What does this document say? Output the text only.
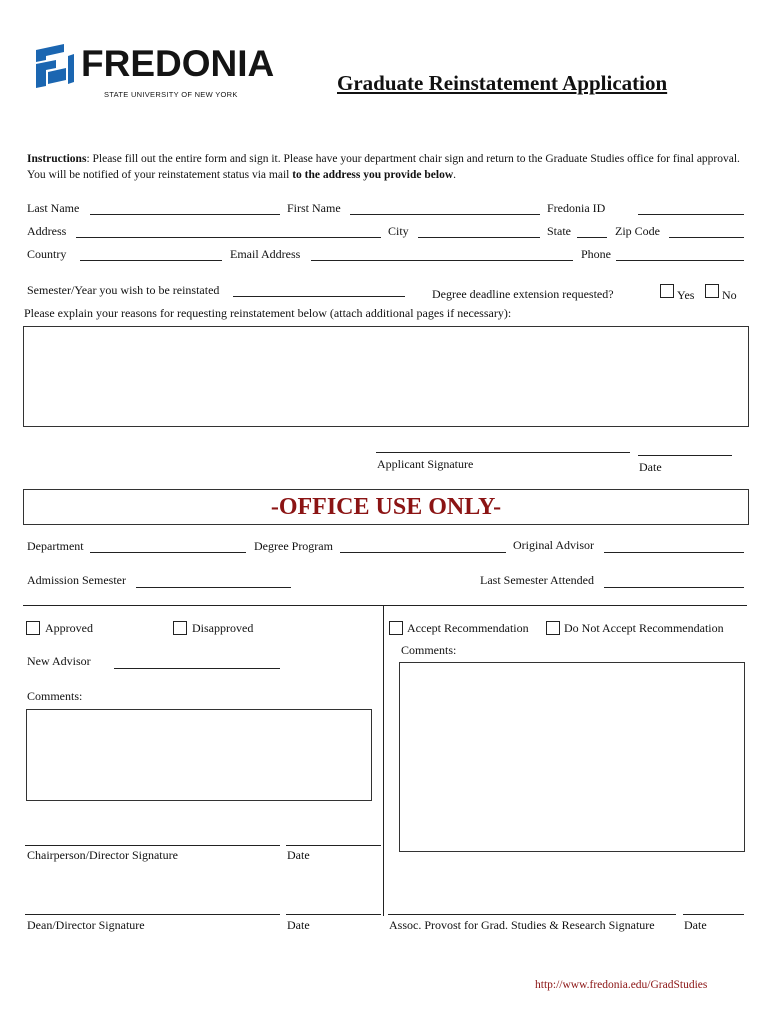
FREDONIA
STATE UNIVERSITY OF NEW YORK	Graduate Reinstatement Application
Instructions: Please fill out the entire form and sign it. Please have your department chair sign and return to the Graduate Studies office for final approval. You will be notified of your reinstatement status via mail to the address you provide below.
Last Name	First Name	Fredonia ID
Address	City	State	Zip Code
Country	Email Address	Phone
Semester/Year you wish to be reinstated	Degree deadline extension requested?	Yes No
Please explain your reasons for requesting reinstatement below (attach additional pages if necessary):
Applicant Signature	Date
-OFFICE USE ONLY-
Department	Degree Program	Original Advisor
Admission Semester	Last Semester Attended
Approved	Disapproved
New Advisor
Comments:
Chairperson/Director Signature	Date
Dean/Director Signature	Date
Accept Recommendation	Do Not Accept Recommendation
Comments:
Assoc. Provost for Grad. Studies & Research Signature Date
http://www.fredonia.edu/GradStudies
